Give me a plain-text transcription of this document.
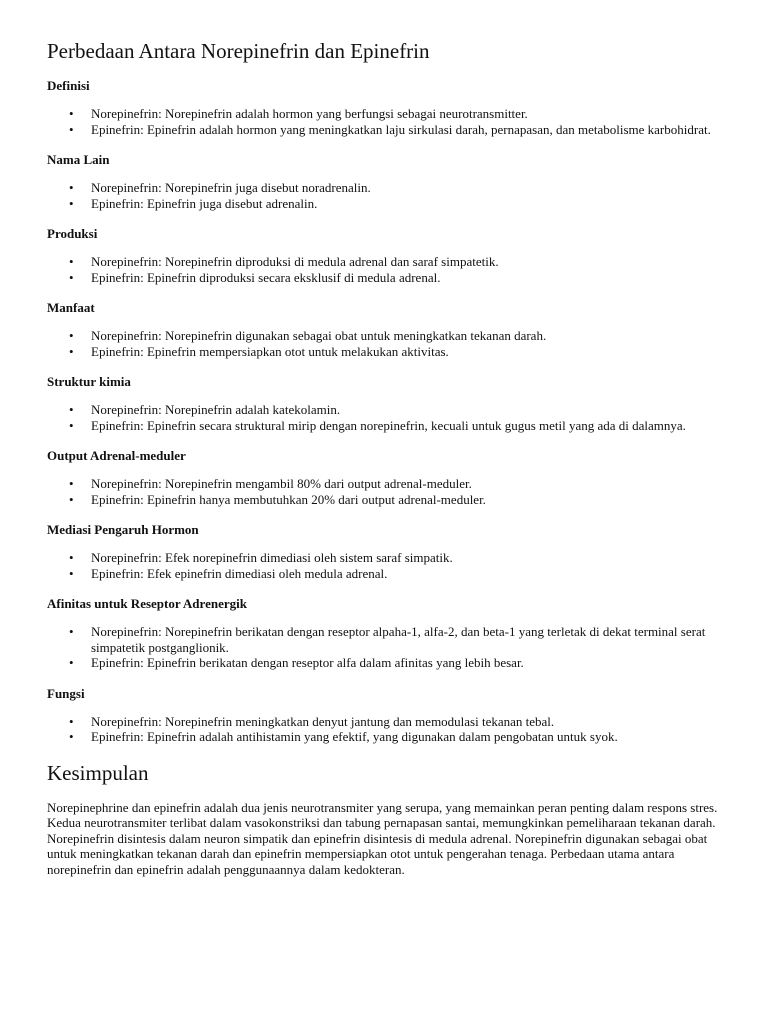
Perbedaan Antara Norepinefrin dan Epinefrin
Definisi
• Norepinefrin: Norepinefrin adalah hormon yang berfungsi sebagai neurotransmitter.
• Epinefrin: Epinefrin adalah hormon yang meningkatkan laju sirkulasi darah, pernapasan, dan metabolisme karbohidrat.
Nama Lain
• Norepinefrin: Norepinefrin juga disebut noradrenalin.
• Epinefrin: Epinefrin juga disebut adrenalin.
Produksi
• Norepinefrin: Norepinefrin diproduksi di medula adrenal dan saraf simpatetik.
• Epinefrin: Epinefrin diproduksi secara eksklusif di medula adrenal.
Manfaat
• Norepinefrin: Norepinefrin digunakan sebagai obat untuk meningkatkan tekanan darah.
• Epinefrin: Epinefrin mempersiapkan otot untuk melakukan aktivitas.
Struktur kimia
• Norepinefrin: Norepinefrin adalah katekolamin.
• Epinefrin: Epinefrin secara struktural mirip dengan norepinefrin, kecuali untuk gugus metil yang ada di dalamnya.
Output Adrenal-meduler
• Norepinefrin: Norepinefrin mengambil 80% dari output adrenal-meduler.
• Epinefrin: Epinefrin hanya membutuhkan 20% dari output adrenal-meduler.
Mediasi Pengaruh Hormon
• Norepinefrin: Efek norepinefrin dimediasi oleh sistem saraf simpatik.
• Epinefrin: Efek epinefrin dimediasi oleh medula adrenal.
Afinitas untuk Reseptor Adrenergik
• Norepinefrin: Norepinefrin berikatan dengan reseptor alpaha-1, alfa-2, dan beta-1 yang terletak di dekat terminal serat simpatetik postganglionik.
• Epinefrin: Epinefrin berikatan dengan reseptor alfa dalam afinitas yang lebih besar.
Fungsi
• Norepinefrin: Norepinefrin meningkatkan denyut jantung dan memodulasi tekanan tebal.
• Epinefrin: Epinefrin adalah antihistamin yang efektif, yang digunakan dalam pengobatan untuk syok.
Kesimpulan

Norepinephrine dan epinefrin adalah dua jenis neurotransmiter yang serupa, yang memainkan peran penting dalam respons stres. Kedua neurotransmiter terlibat dalam vasokonstriksi dan tabung pernapasan santai, memungkinkan pemeliharaan tekanan darah. Norepinefrin disintesis dalam neuron simpatik dan epinefrin disintesis di medula adrenal. Norepinefrin digunakan sebagai obat untuk meningkatkan tekanan darah dan epinefrin mempersiapkan otot untuk pengerahan tenaga. Perbedaan utama antara norepinefrin dan epinefrin adalah penggunaannya dalam kedokteran.
